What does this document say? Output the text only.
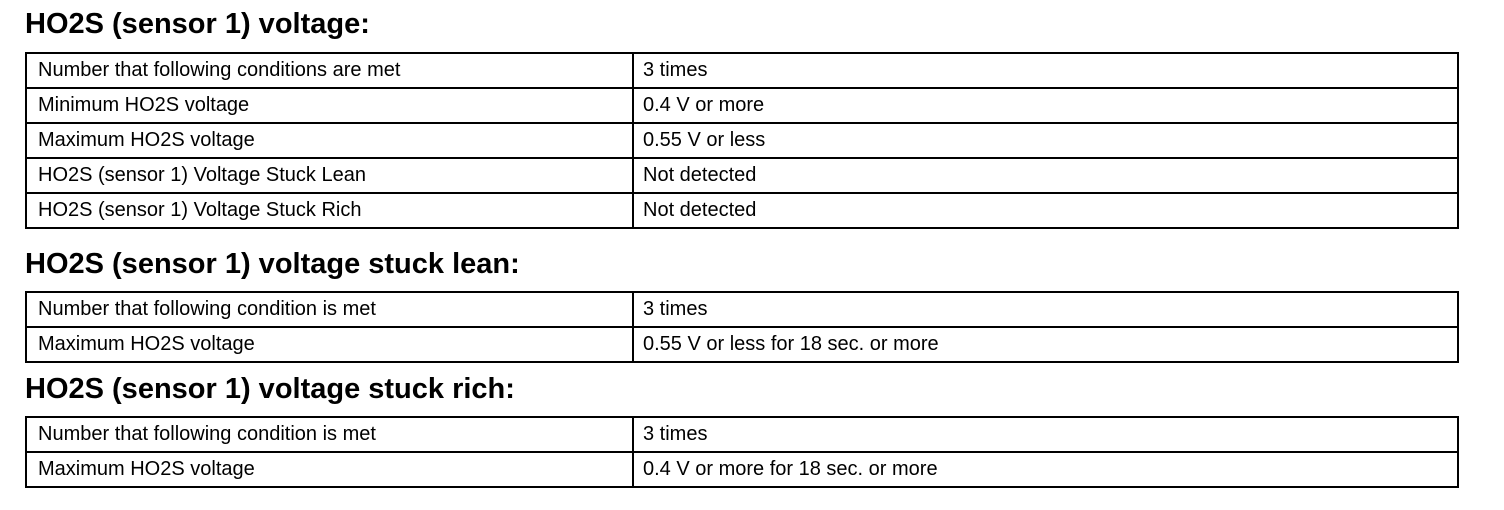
HO2S (sensor 1) voltage:
Number that following conditions are met	3 times
Minimum HO2S voltage	0.4 V or more
Maximum HO2S voltage	0.55 V or less
HO2S (sensor 1) Voltage Stuck Lean	Not detected
HO2S (sensor 1) Voltage Stuck Rich	Not detected
HO2S (sensor 1) voltage stuck lean:
Number that following condition is met	3 times
Maximum HO2S voltage	0.55 V or less for 18 sec. or more
HO2S (sensor 1) voltage stuck rich:
Number that following condition is met	3 times
Maximum HO2S voltage	0.4 V or more for 18 sec. or more
